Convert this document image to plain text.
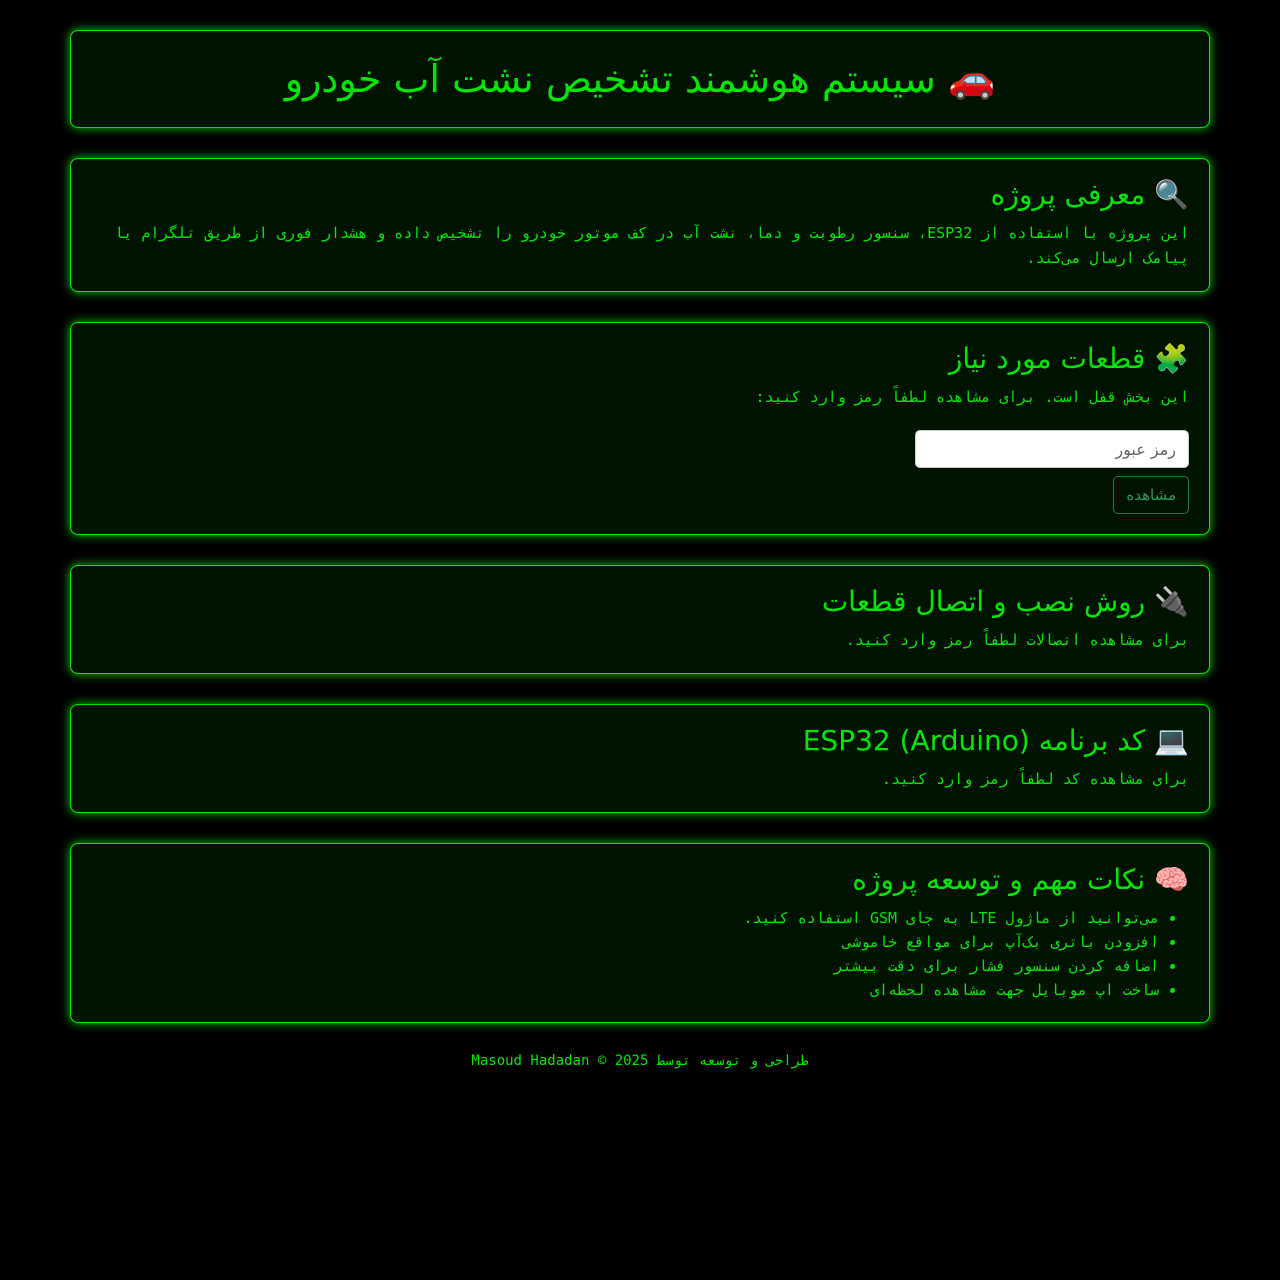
🚗 سیستم هوشمند تشخیص نشت آب خودرو
🔍 معرفی پروژه

این پروژه با استفاده از ESP32، سنسور رطوبت و دما، نشت آب در کف موتور خودرو را تشخیص داده و هشدار فوری از طریق تلگرام یا پیامک ارسال می‌کند.

🧩 قطعات مورد نیاز

این بخش قفل است. برای مشاهده لطفاً رمز وارد کنید:

مشاهده
🔌 روش نصب و اتصال قطعات

برای مشاهده اتصالات لطفاً رمز وارد کنید.

💻 کد برنامه ESP32 (Arduino)

برای مشاهده کد لطفاً رمز وارد کنید.

🧠 نکات مهم و توسعه پروژه
• می‌توانید از ماژول LTE به جای GSM استفاده کنید.
• افزودن باتری بک‌آپ برای مواقع خاموشی
• اضافه کردن سنسور فشار برای دقت بیشتر
• ساخت اپ موبایل جهت مشاهده لحظه‌ای
طراحی و توسعه توسط Masoud Hadadan © 2025
